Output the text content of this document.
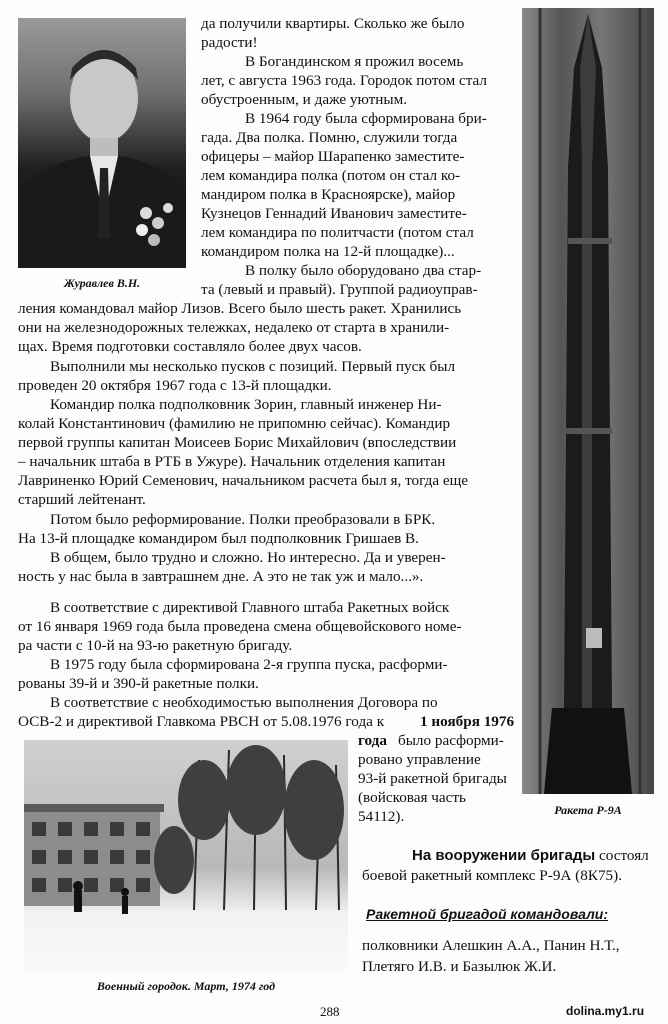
Журавлев В.Н.
Ракета Р-9А
Военный городок. Март, 1974 год
да получили квартиры. Сколько же было
радости!
В Богандинском я прожил восемь
лет, с августа 1963 года. Городок потом стал
обустроенным, и даже уютным.
В 1964 году была сформирована бри-
гада. Два полка. Помню, служили тогда
офицеры – майор Шарапенко заместите-
лем командира полка (потом он стал ко-
мандиром полка в Красноярске), майор
Кузнецов Геннадий Иванович заместите-
лем командира по политчасти (потом стал
командиром полка на 12-й площадке)...
В полку было оборудовано два стар-
та (левый и правый). Группой радиоуправ-
ления командовал майор Лизов. Всего было шесть ракет. Хранились
они на железнодорожных тележках, недалеко от старта в хранили-
щах. Время подготовки составляло более двух часов.
Выполнили мы несколько пусков с позиций. Первый пуск был
проведен 20 октября 1967 года с 13-й площадки.
Командир полка подполковник Зорин, главный инженер Ни-
колай Константинович (фамилию не припомню сейчас). Командир
первой группы капитан Моисеев Борис Михайлович (впоследствии
– начальник штаба в РТБ в Ужуре). Начальник отделения капитан
Лавриненко Юрий Семенович, начальником расчета был я, тогда еще
старший лейтенант.
Потом было реформирование. Полки преобразовали в БРК.
На 13-й площадке командиром был подполковник Гришаев В.
В общем, было трудно и сложно. Но интересно. Да и уверен-
ность у нас была в завтрашнем дне. А это не так уж и мало...».
В соответствие с директивой Главного штаба Ракетных войск
от 16 января 1969 года была проведена смена общевойскового номе-
ра части с 10-й на 93-ю ракетную бригаду.
В 1975 году была сформирована 2-я группа пуска, расформи-
рованы 39-й и 390-й ракетные полки.
В соответствие с необходимостью выполнения Договора по
ОСВ-2 и директивой Главкома РВСН от 5.08.1976 года к 1 ноября 1976
года было расформи-
ровано управление
93-й ракетной бригады
(войсковая часть
54112).
На вооружении бригады состоял
боевой ракетный комплекс Р-9А (8К75).
Ракетной бригадой командовали:
полковники Алешкин А.А., Панин Н.Т.,
Плетяго И.В. и Базылюк Ж.И.
288	dolina.my1.ru
